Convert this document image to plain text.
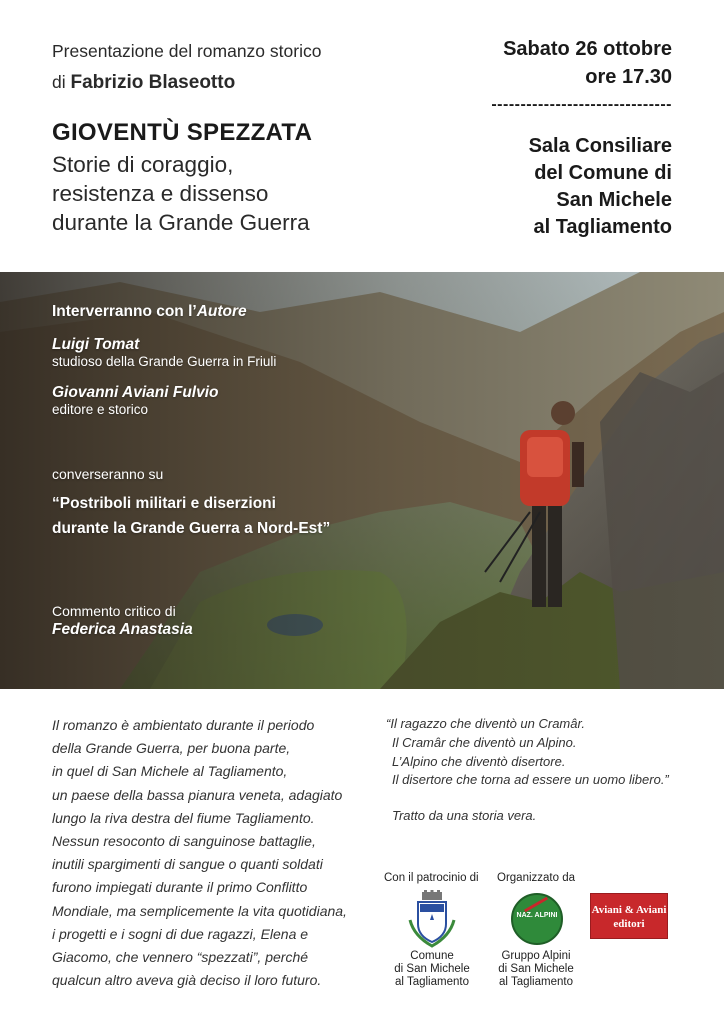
Presentazione del romanzo storico
di Fabrizio Blaseotto
GIOVENTÙ SPEZZATA
Storie di coraggio,
resistenza e dissenso
durante la Grande Guerra
Sabato 26 ottobre
ore 17.30
-------------------------------
Sala Consiliare
del Comune di
San Michele
al Tagliamento
Interverranno con l’Autore
Luigi Tomat
studioso della Grande Guerra in Friuli
Giovanni Aviani Fulvio
editore e storico
converseranno su
“Postriboli militari e diserzioni
durante la Grande Guerra a Nord-Est”
Commento critico di
Federica Anastasia
Il romanzo è ambientato durante il periodo
della Grande Guerra, per buona parte,
in quel di San Michele al Tagliamento,
un paese della bassa pianura veneta, adagiato
lungo la riva destra del fiume Tagliamento.
Nessun resoconto di sanguinose battaglie,
inutili spargimenti di sangue o quanti soldati
furono impiegati durante il primo Conflitto
Mondiale, ma semplicemente la vita quotidiana,
i progetti e i sogni di due ragazzi, Elena e
Giacomo, che vennero “spezzati”, perché
qualcun altro aveva già deciso il loro futuro.
“Il ragazzo che diventò un Cramâr.
Il Cramâr che diventò un Alpino.
L’Alpino che diventò disertore.
Il disertore che torna ad essere un uomo libero.”
Tratto da una storia vera.
Con il patrocinio di Organizzato da
Comune
di San Michele
al Tagliamento
NAZ. ALPINI
Gruppo Alpini
di San Michele
al Tagliamento
Aviani & Aviani
editori
